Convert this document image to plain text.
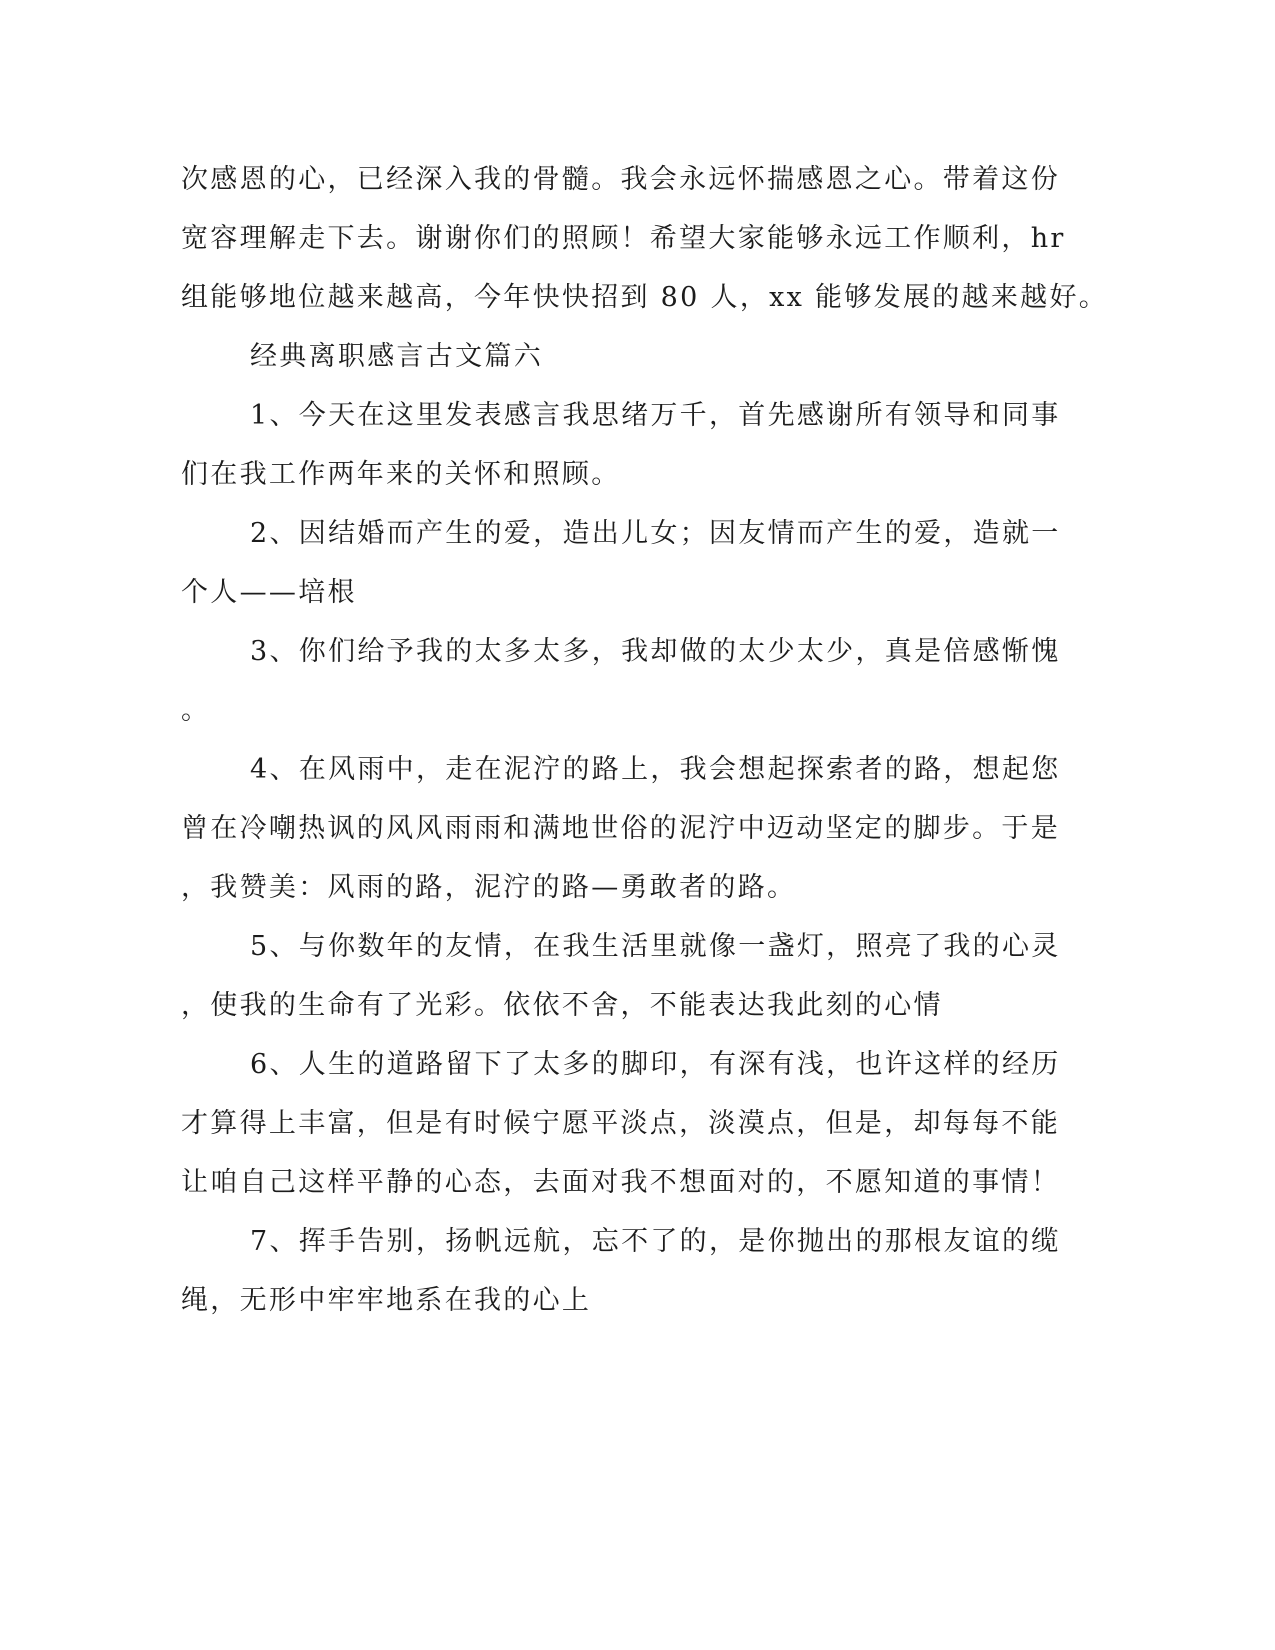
次感恩的心，已经深入我的骨髓。我会永远怀揣感恩之心。带着这份
宽容理解走下去。谢谢你们的照顾！希望大家能够永远工作顺利，hr
组能够地位越来越高，今年快快招到 80 人，xx 能够发展的越来越好。
经典离职感言古文篇六
1、今天在这里发表感言我思绪万千，首先感谢所有领导和同事
们在我工作两年来的关怀和照顾。
2、因结婚而产生的爱，造出儿女；因友情而产生的爱，造就一
个人——培根
3、你们给予我的太多太多，我却做的太少太少，真是倍感惭愧
。
4、在风雨中，走在泥泞的路上，我会想起探索者的路，想起您
曾在冷嘲热讽的风风雨雨和满地世俗的泥泞中迈动坚定的脚步。于是
，我赞美：风雨的路，泥泞的路—勇敢者的路。
5、与你数年的友情，在我生活里就像一盏灯，照亮了我的心灵
，使我的生命有了光彩。依依不舍，不能表达我此刻的心情
6、人生的道路留下了太多的脚印，有深有浅，也许这样的经历
才算得上丰富，但是有时候宁愿平淡点，淡漠点，但是，却每每不能
让咱自己这样平静的心态，去面对我不想面对的，不愿知道的事情！
7、挥手告别，扬帆远航，忘不了的，是你抛出的那根友谊的缆
绳，无形中牢牢地系在我的心上
